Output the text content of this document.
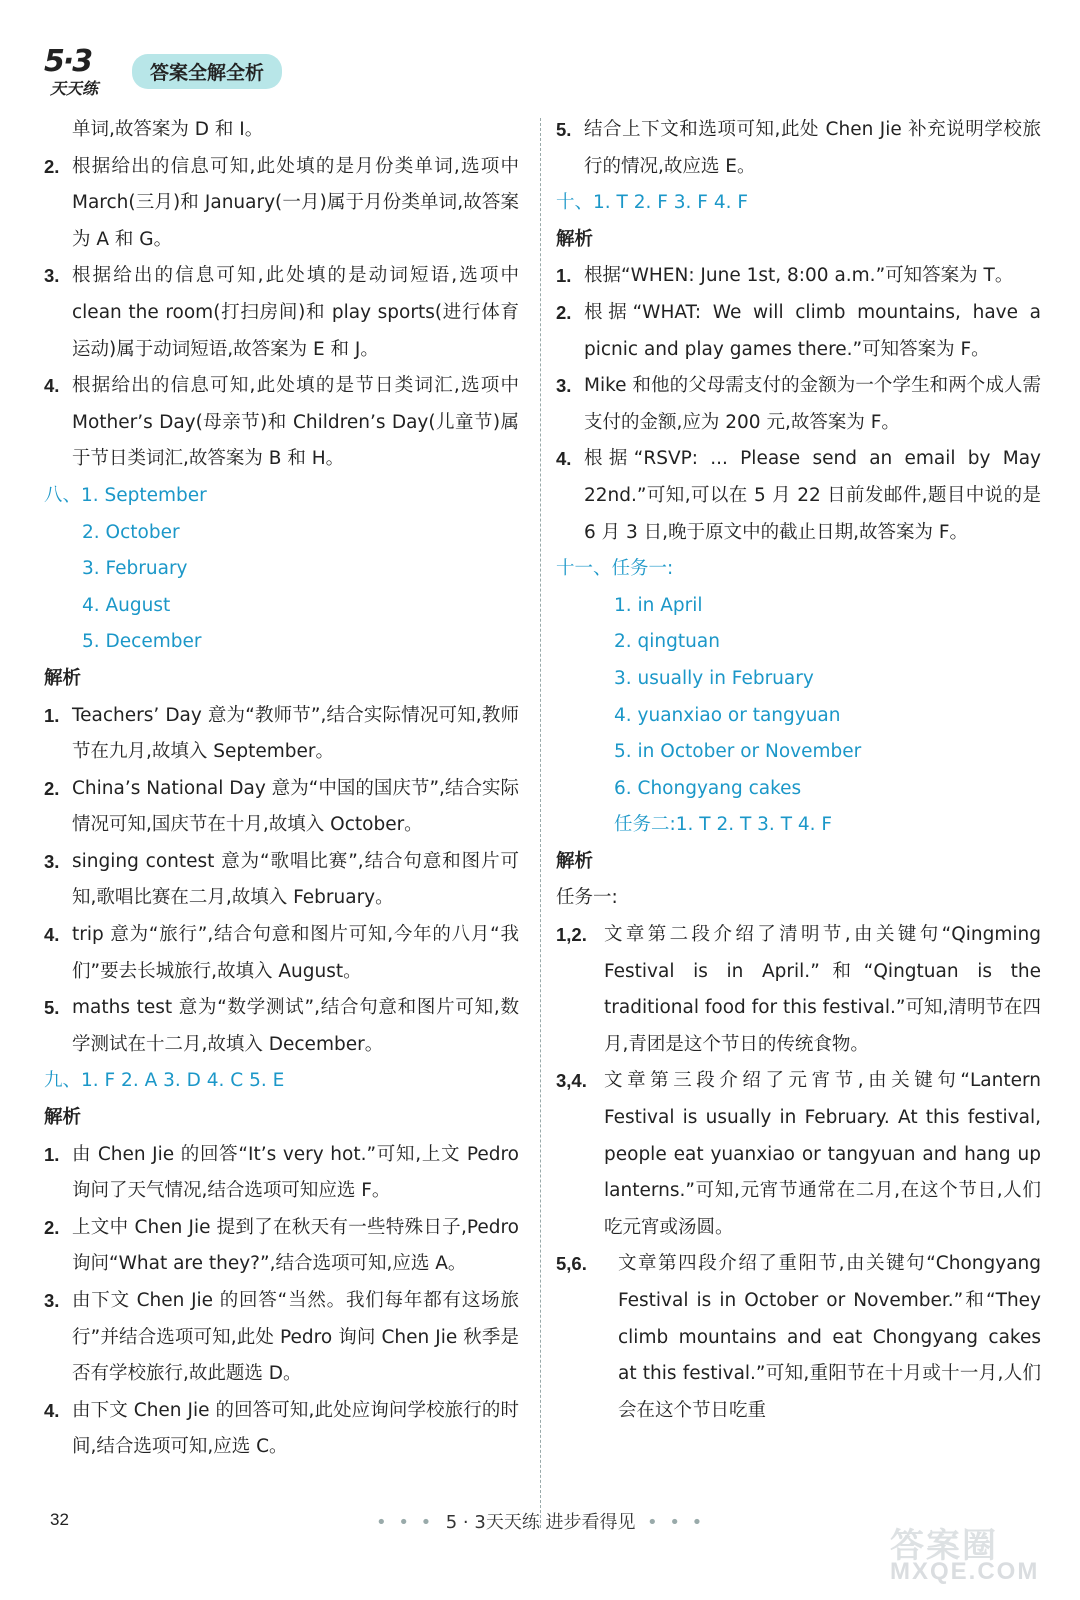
5·3
天天练
答案全解全析
单词,故答案为 D 和 I。
2. 根据给出的信息可知,此处填的是月份类单词,选项中 March(三月)和 January(一月)属于月份类单词,故答案为 A 和 G。
3. 根据给出的信息可知,此处填的是动词短语,选项中 clean the room(打扫房间)和 play sports(进行体育运动)属于动词短语,故答案为 E 和 J。
4. 根据给出的信息可知,此处填的是节日类词汇,选项中 Mother’s Day(母亲节)和 Children’s Day(儿童节)属于节日类词汇,故答案为 B 和 H。
八、1. September
2. October
3. February
4. August
5. December
解析
1. Teachers’ Day 意为“教师节”,结合实际情况可知,教师节在九月,故填入 September。
2. China’s National Day 意为“中国的国庆节”,结合实际情况可知,国庆节在十月,故填入 October。
3. singing contest 意为“歌唱比赛”,结合句意和图片可知,歌唱比赛在二月,故填入 February。
4. trip 意为“旅行”,结合句意和图片可知,今年的八月“我们”要去长城旅行,故填入 August。
5. maths test 意为“数学测试”,结合句意和图片可知,数学测试在十二月,故填入 December。
九、1. F 2. A 3. D 4. C 5. E
解析
1. 由 Chen Jie 的回答“It’s very hot.”可知,上文 Pedro 询问了天气情况,结合选项可知应选 F。
2. 上文中 Chen Jie 提到了在秋天有一些特殊日子,Pedro 询问“What are they?”,结合选项可知,应选 A。
3. 由下文 Chen Jie 的回答“当然。我们每年都有这场旅行”并结合选项可知,此处 Pedro 询问 Chen Jie 秋季是否有学校旅行,故此题选 D。
4. 由下文 Chen Jie 的回答可知,此处应询问学校旅行的时间,结合选项可知,应选 C。
5. 结合上下文和选项可知,此处 Chen Jie 补充说明学校旅行的情况,故应选 E。
十、1. T 2. F 3. F 4. F
解析
1. 根据“WHEN: June 1st, 8:00 a.m.”可知答案为 T。
2. 根据“WHAT: We will climb mountains, have a picnic and play games there.”可知答案为 F。
3. Mike 和他的父母需支付的金额为一个学生和两个成人需支付的金额,应为 200 元,故答案为 F。
4. 根据“RSVP: ... Please send an email by May 22nd.”可知,可以在 5 月 22 日前发邮件,题目中说的是 6 月 3 日,晚于原文中的截止日期,故答案为 F。
十一、任务一:
1. in April
2. qingtuan
3. usually in February
4. yuanxiao or tangyuan
5. in October or November
6. Chongyang cakes
任务二:1. T 2. T 3. T 4. F
解析
任务一:
1,2. 文章第二段介绍了清明节,由关键句“Qingming Festival is in April.”和“Qingtuan is the traditional food for this festival.”可知,清明节在四月,青团是这个节日的传统食物。
3,4. 文章第三段介绍了元宵节,由关键句“Lantern Festival is usually in February. At this festival, people eat yuanxiao or tangyuan and hang up lanterns.”可知,元宵节通常在二月,在这个节日,人们吃元宵或汤圆。
5,6. 文章第四段介绍了重阳节,由关键句“Chongyang Festival is in October or November.”和“They climb mountains and eat Chongyang cakes at this festival.”可知,重阳节在十月或十一月,人们会在这个节日吃重
32	• • • 5 · 3天天练 进步看得见 • • •
答案圈
MXQE.COM
